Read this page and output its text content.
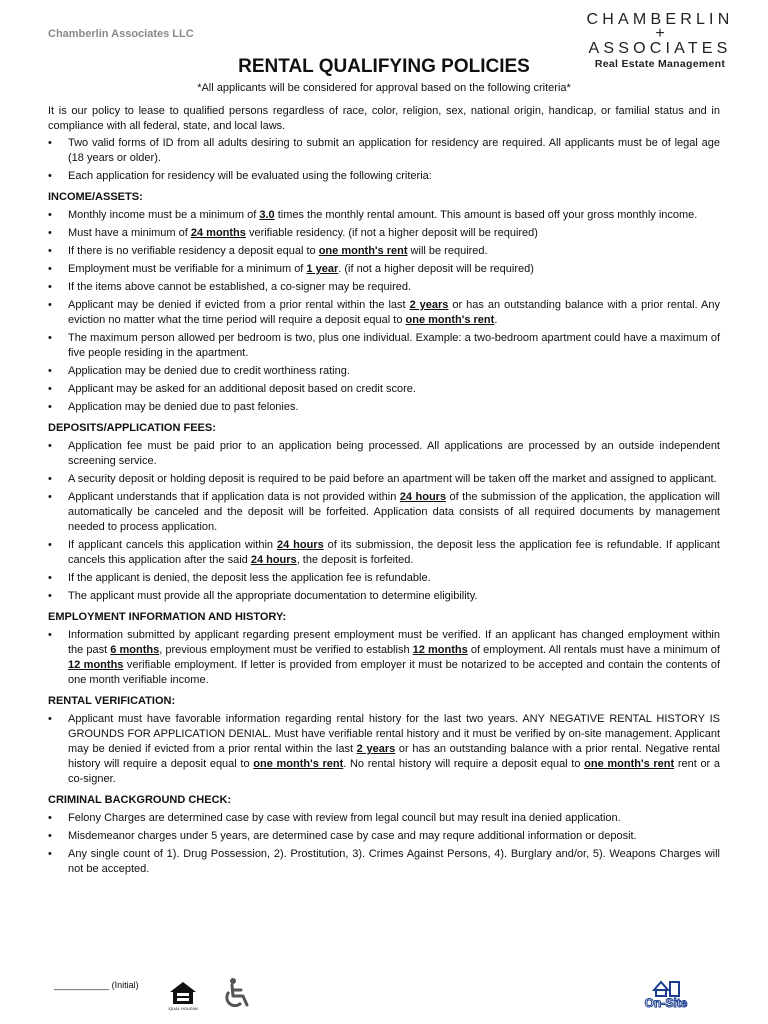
Chamberlin Associates LLC
CHAMBERLIN
+
ASSOCIATES
Real Estate Management
RENTAL QUALIFYING POLICIES
*All applicants will be considered for approval based on the following criteria*

It is our policy to lease to qualified persons regardless of race, color, religion, sex, national origin, handicap, or familial status and in compliance with all federal, state, and local laws.

• Two valid forms of ID from all adults desiring to submit an application for residency are required. All applicants must be of legal age (18 years or older).
• Each application for residency will be evaluated using the following criteria:
INCOME/ASSETS:
• Monthly income must be a minimum of 3.0 times the monthly rental amount. This amount is based off your gross monthly income.
• Must have a minimum of 24 months verifiable residency. (if not a higher deposit will be required)
• If there is no verifiable residency a deposit equal to one month's rent will be required.
• Employment must be verifiable for a minimum of 1 year. (if not a higher deposit will be required)
• If the items above cannot be established, a co-signer may be required.
• Applicant may be denied if evicted from a prior rental within the last 2 years or has an outstanding balance with a prior rental. Any eviction no matter what the time period will require a deposit equal to one month's rent.
• The maximum person allowed per bedroom is two, plus one individual. Example: a two-bedroom apartment could have a maximum of five people residing in the apartment.
• Application may be denied due to credit worthiness rating.
• Applicant may be asked for an additional deposit based on credit score.
• Application may be denied due to past felonies.
DEPOSITS/APPLICATION FEES:
• Application fee must be paid prior to an application being processed. All applications are processed by an outside independent screening service.
• A security deposit or holding deposit is required to be paid before an apartment will be taken off the market and assigned to applicant.
• Applicant understands that if application data is not provided within 24 hours of the submission of the application, the application will automatically be canceled and the deposit will be forfeited. Application data consists of all required documents by management needed to process application.
• If applicant cancels this application within 24 hours of its submission, the deposit less the application fee is refundable. If applicant cancels this application after the said 24 hours, the deposit is forfeited.
• If the applicant is denied, the deposit less the application fee is refundable.
• The applicant must provide all the appropriate documentation to determine eligibility.
EMPLOYMENT INFORMATION AND HISTORY:
• Information submitted by applicant regarding present employment must be verified. If an applicant has changed employment within the past 6 months, previous employment must be verified to establish 12 months of employment. All rentals must have a minimum of 12 months verifiable employment. If letter is provided from employer it must be notarized to be accepted and contain the contents of one month verifiable income.
RENTAL VERIFICATION:
• Applicant must have favorable information regarding rental history for the last two years. ANY NEGATIVE RENTAL HISTORY IS GROUNDS FOR APPLICATION DENIAL. Must have verifiable rental history and it must be verified by on-site management. Applicant may be denied if evicted from a prior rental within the last 2 years or has an outstanding balance with a prior rental. Negative rental history will require a deposit equal to one month's rent. No rental history will require a deposit equal to one month's rent rent or a co-signer.
CRIMINAL BACKGROUND CHECK:
• Felony Charges are determined case by case with review from legal council but may result ina denied application.
• Misdemeanor charges under 5 years, are determined case by case and may requre additional information or deposit.
• Any single count of 1). Drug Possession, 2). Prostitution, 3). Crimes Against Persons, 4). Burglary and/or, 5). Weapons Charges will not be accepted.
___________ (Initial)
EQUAL HOUSING	On-Site
